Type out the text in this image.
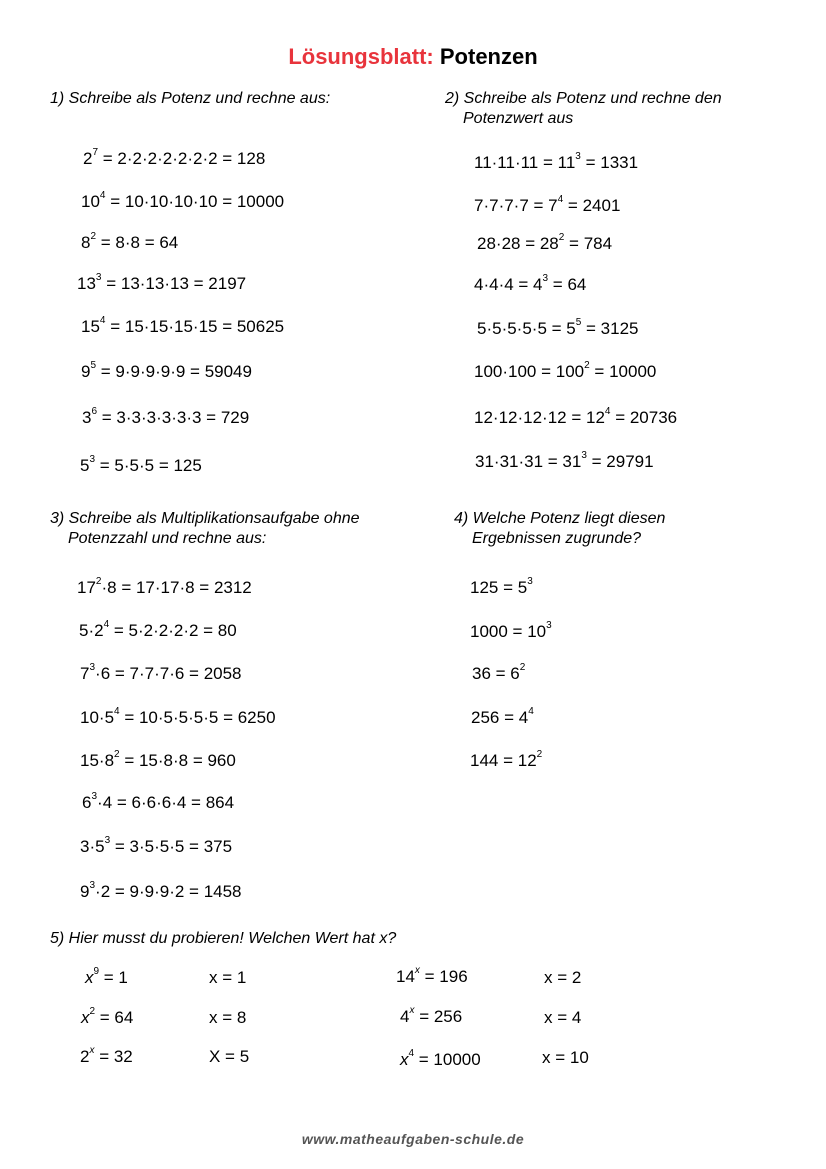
Lösungsblatt: Potenzen
1) Schreibe als Potenz und rechne aus:	2) Schreibe als Potenz und rechne den
Potenzwert aus
3) Schreibe als Multiplikationsaufgabe ohne
Potenzzahl und rechne aus:
4) Welche Potenz liegt diesen
Ergebnissen zugrunde?
5) Hier musst du probieren! Welchen Wert hat x?
$2^7 = 2\cdot 2\cdot 2\cdot 2\cdot 2\cdot 2\cdot 2 = 128$
$10^4 = 10\cdot 10\cdot 10\cdot 10 = 10000$
$8^2 = 8\cdot 8 = 64$
$13^3 = 13\cdot 13\cdot 13 = 2197$
$15^4 = 15\cdot 15\cdot 15\cdot 15 = 50625$
$9^5 = 9\cdot 9\cdot 9\cdot 9\cdot 9 = 59049$
$3^6 = 3\cdot 3\cdot 3\cdot 3\cdot 3\cdot 3 = 729$
$5^3 = 5\cdot 5\cdot 5 = 125$
$11\cdot 11\cdot 11 = 11^3 = 1331$
$7\cdot 7\cdot 7\cdot 7 = 7^4 = 2401$
$28\cdot 28 = 28^2 = 784$
$4\cdot 4\cdot 4 = 4^3 = 64$
$5\cdot 5\cdot 5\cdot 5\cdot 5 = 5^5 = 3125$
$100\cdot 100 = 100^2 = 10000$
$12\cdot 12\cdot 12\cdot 12 = 12^4 = 20736$
$31\cdot 31\cdot 31 = 31^3 = 29791$
$17^2\cdot 8 = 17\cdot 17\cdot 8 = 2312$
$5\cdot 2^4 = 5\cdot 2\cdot 2\cdot 2\cdot 2 = 80$
$7^3\cdot 6 = 7\cdot 7\cdot 7\cdot 6 = 2058$
$10\cdot 5^4 = 10\cdot 5\cdot 5\cdot 5\cdot 5 = 6250$
$15\cdot 8^2 = 15\cdot 8\cdot 8 = 960$
$6^3\cdot 4 = 6\cdot 6\cdot 6\cdot 4 = 864$
$3\cdot 5^3 = 3\cdot 5\cdot 5\cdot 5 = 375$
$9^3\cdot 2 = 9\cdot 9\cdot 9\cdot 2 = 1458$
$125 = 5^3$
$1000 = 10^3$
$36 = 6^2$
$256 = 4^4$
$144 = 12^2$
$x^9 = 1$	x = 1
$x^2 = 64$	x = 8
$2^x = 32$	X = 5
$14^x = 196$	x = 2
$4^x = 256$	x = 4
$x^4 = 10000$	x = 10
www.matheaufgaben-schule.de
